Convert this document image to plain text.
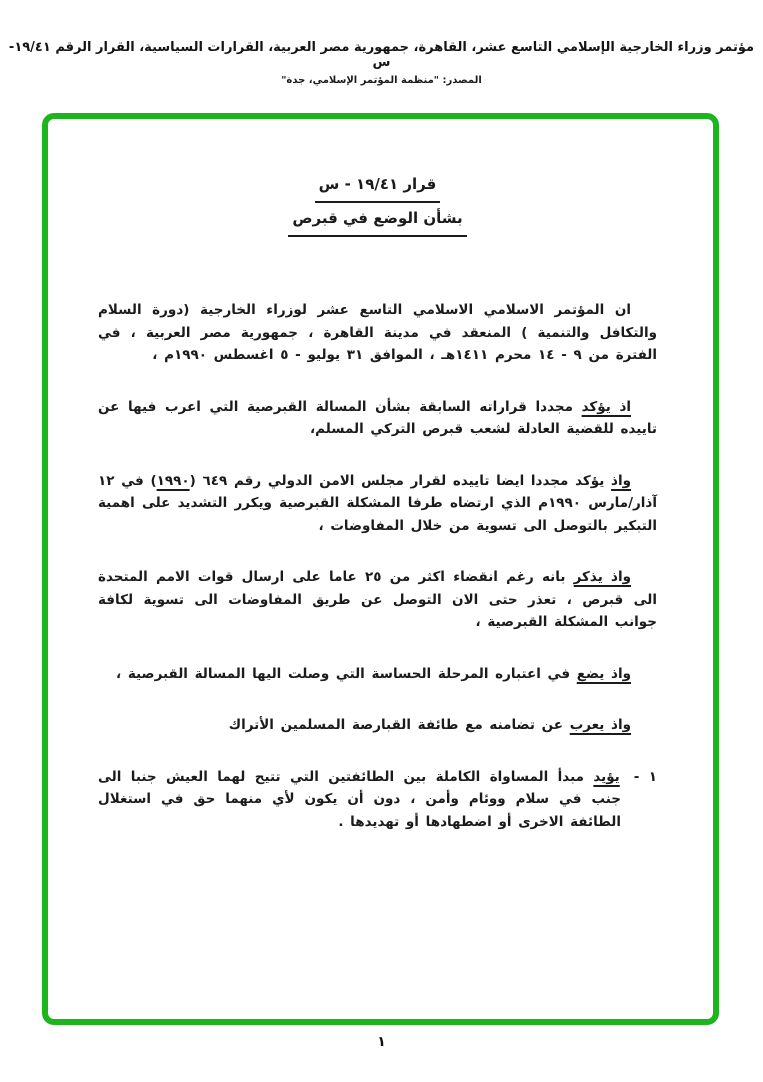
مؤتمر وزراء الخارجية الإسلامي التاسع عشر، القاهرة، جمهورية مصر العربية، القرارات السياسية، القرار الرقم ١٩/٤١-س
المصدر: "منظمة المؤتمر الإسلامي، جدة"
قرار ١٩/٤١ - س
بشأن الوضع في قبرص

ان المؤتمر الاسلامي الاسلامي التاسع عشر لوزراء الخارجية (دورة السلام والتكافل والتنمية ) المنعقد في مدينة القاهرة ، جمهورية مصر العربية ، في الفترة من ٩ - ١٤ محرم ١٤١١هـ ، الموافق ٣١ يوليو - ٥ اغسطس ١٩٩٠م ،

اذ يؤكد مجددا قراراته السابقة بشأن المسالة القبرصية التي اعرب فيها عن تاييده للقضية العادلة لشعب قبرص التركي المسلم،

واذ يؤكد مجددا ايضا تاييده لقرار مجلس الامن الدولي رقم ٦٤٩ (١٩٩٠) في ١٢ آذار/مارس ١٩٩٠م الذي ارتضاه طرفا المشكلة القبرصية ويكرر التشديد على اهمية التبكير بالتوصل الى تسوية من خلال المفاوضات ،

واذ يذكر بانه رغم انقضاء اكثر من ٢٥ عاما على ارسال قوات الامم المتحدة الى قبرص ، تعذر حتى الان التوصل عن طريق المفاوضات الى تسوية لكافة جوانب المشكلة القبرصية ،

واذ يضع في اعتباره المرحلة الحساسة التي وصلت اليها المسالة القبرصية ،

واذ يعرب عن تضامنه مع طائفة القبارصة المسلمين الأتراك

١ -يؤيد مبدأ المساواة الكاملة بين الطائفتين التي تتيح لهما العيش جنبا الى جنب في سلام ووئام وأمن ، دون أن يكون لأي منهما حق في استغلال الطائفة الاخرى أو اضطهادها أو تهديدها .

١
